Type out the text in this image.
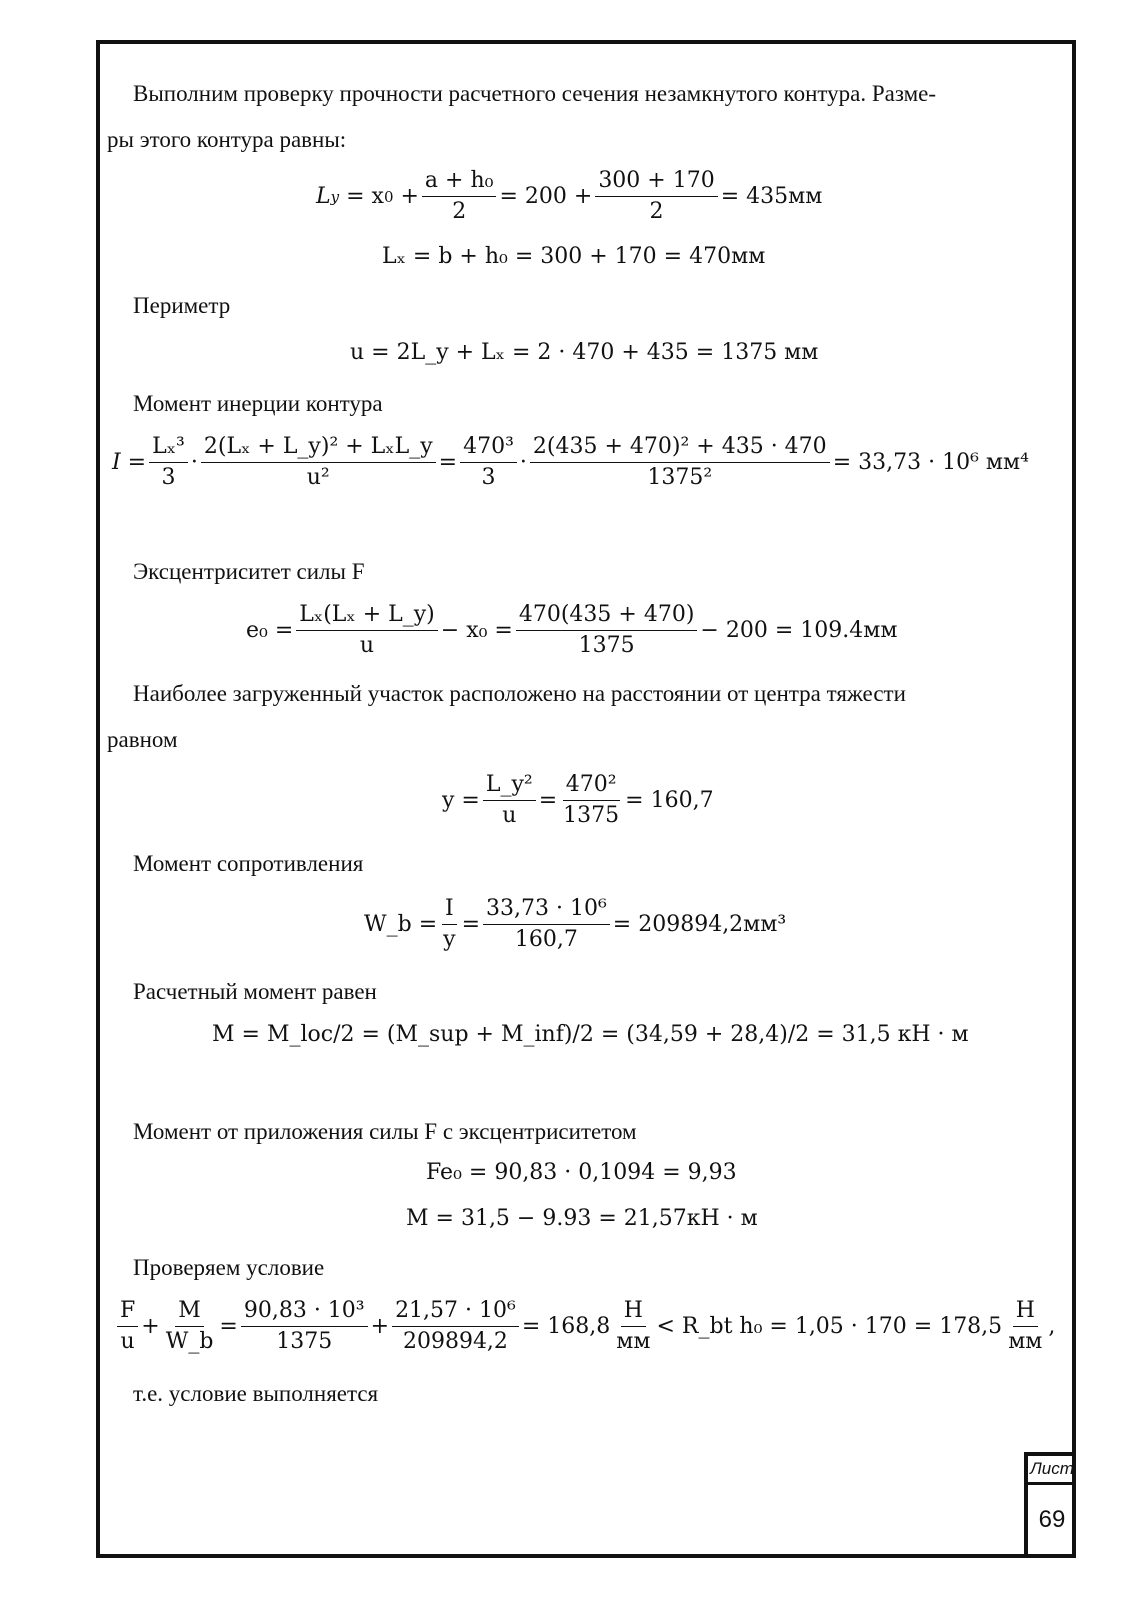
Выполним проверку прочности расчетного сечения незамкнутого контура. Разме-
ры этого контура равны:
L y
= x 0
+ $\frac{\text{a + h₀}}{2} = 200 + \frac{300 + 170}{2} = 435мм$
Lₓ = b + h₀ = 300 + 170 = 470мм
Периметр
u = 2L_y + Lₓ = 2 · 470 + 435 = 1375 мм
Момент инерции контура
$I = \frac{\text{Lₓ³}}{3} \cdot \frac{\text{2(Lₓ + L\_y)² + LₓL\_y}}{\text{u²}} = \frac{\text{470³}}{3} \cdot \frac{\text{2(435 + 470)² + 435 · 470}}{\text{1375²}} = 33,73 \cdot 10^6$ мм⁴
Эксцентриситет силы F
$e_0 = \frac{\text{Lₓ(Lₓ + L\_y)}}{u} - x_0 = \frac{470(435 + 470)}{1375} - 200 = 109.4мм$
Наиболее загруженный участок расположено на расстоянии от центра тяжести
равном
$y = \frac{\text{L\_y²}}{u} = \frac{\text{470²}}{1375} = 160,7$
Момент сопротивления
W_b = $\frac{I}{y} = \frac{\text{33,73 · 10⁶}}{160,7} = 209894,2мм^3$
Расчетный момент равен
M = M_loc/2 = (M_sup + M_inf)/2 = (34,59 + 28,4)/2 = 31,5 кН · м
Момент от приложения силы F с эксцентриситетом
Fe₀ = 90,83 · 0,1094 = 9,93
M = 31,5 − 9.93 = 21,57кН · м
Проверяем условие
$\frac{F}{u} + \frac{M}{W\_b} = \frac{\text{90,83 · 10³}}{1375} + \frac{\text{21,57 · 10⁶}}{209894,2} = 168,8 \frac{Н}{мм}$ < R_bt $h_0 = 1,05 \cdot 170 = 178,5 \frac{Н}{мм}$ ,
т.е. условие выполняется
Лист
69
